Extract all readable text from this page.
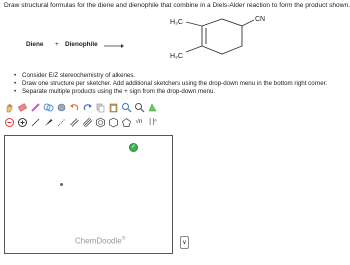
Draw structural formulas for the diene and dienophile that combine in a Diels-Alder reaction to form the product shown.
Diene + Dienophile →
H₃C
H₃C
CN
• Consider E/Z stereochemistry of alkenes.
• Draw one structure per sketcher. Add additional sketchers using the drop-down menu in the bottom right corner.
• Separate multiple products using the + sign from the drop-down menu.
√n	[ ]ⁿ
✓
ChemDoodle®
∨
